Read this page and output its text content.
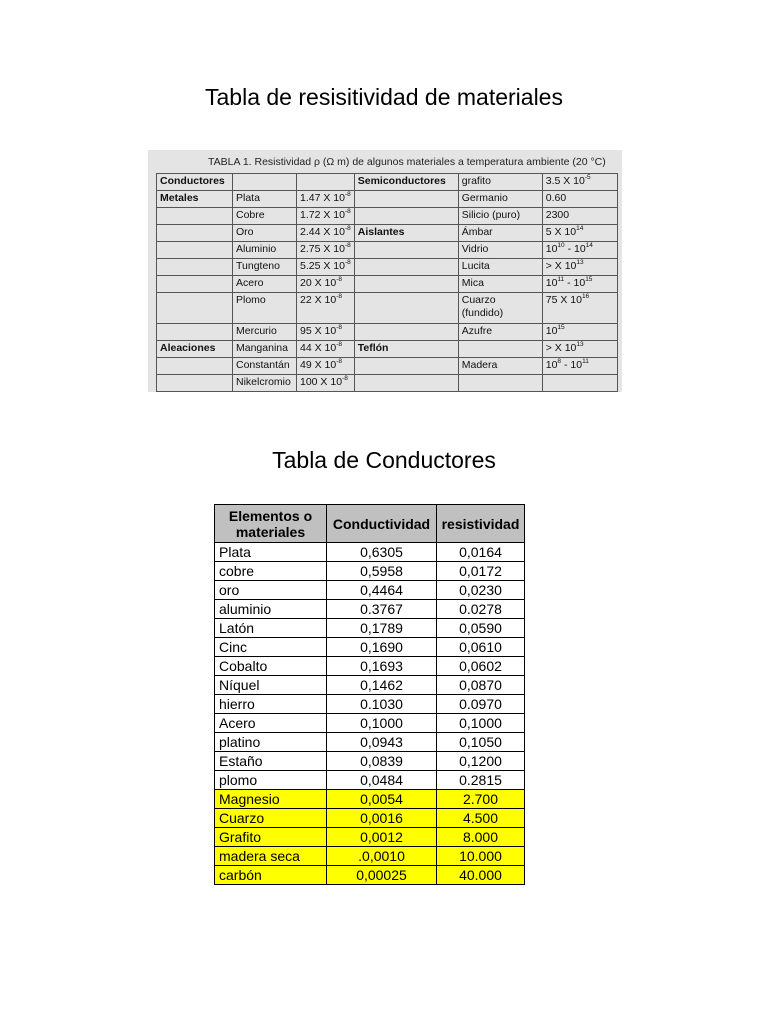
Tabla de resisitividad de materiales
TABLA 1. Resistividad ρ (Ω m) de algunos materiales a temperatura ambiente (20 °C)
Conductores			Semiconductores	grafito	3.5 X $10^{-5}$
Metales	Plata	1.47 X $10^{-8}$		Germanio	0.60
	Cobre	1.72 X $10^{-8}$		Silicio (puro)	2300
	Oro	2.44 X $10^{-8}$	Aislantes	Ámbar	5 X $10^{14}$
	Aluminio	2.75 X $10^{-8}$		Vidrio	$10^{10} - 10^{14}$
	Tungteno	5.25 X $10^{-8}$		Lucita	> X $10^{13}$
	Acero	20 X $10^{-8}$		Mica	$10^{11} - 10^{15}$
	Plomo	22 X $10^{-8}$		Cuarzo (fundido)	75 X $10^{16}$
	Mercurio	95 X $10^{-8}$		Azufre	$10^{15}$
Aleaciones	Manganina	44 X $10^{-8}$	Teflón		> X $10^{13}$
	Constantán	49 X $10^{-8}$		Madera	$10^8 - 10^{11}$
	Nikelcromio	100 X $10^{-8}$			
Tabla de Conductores
Elementos o materiales	Conductividad	resistividad
Plata	0,6305	0,0164
cobre	0,5958	0,0172
oro	0,4464	0,0230
aluminio	0.3767	0.0278
Latón	0,1789	0,0590
Cinc	0,1690	0,0610
Cobalto	0,1693	0,0602
Níquel	0,1462	0,0870
hierro	0.1030	0.0970
Acero	0,1000	0,1000
platino	0,0943	0,1050
Estaño	0,0839	0,1200
plomo	0,0484	0.2815
Magnesio	0,0054	2.700
Cuarzo	0,0016	4.500
Grafito	0,0012	8.000
madera seca	.0,0010	10.000
carbón	0,00025	40.000
